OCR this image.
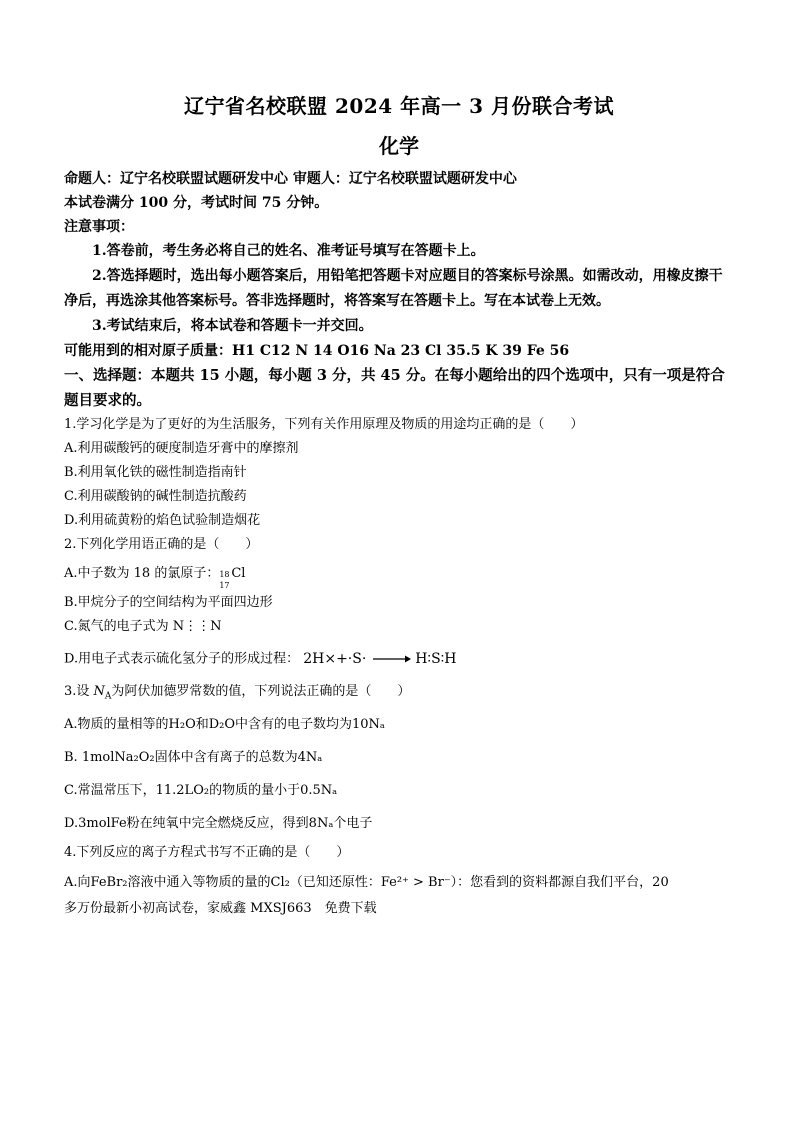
辽宁省名校联盟 2024 年高一 3 月份联合考试
化学

命题人：辽宁名校联盟试题研发中心 审题人：辽宁名校联盟试题研发中心

本试卷满分 100 分，考试时间 75 分钟。

注意事项：

1.答卷前，考生务必将自己的姓名、准考证号填写在答题卡上。

2.答选择题时，选出每小题答案后，用铅笔把答题卡对应题目的答案标号涂黑。如需改动，用橡皮擦干净后，再选涂其他答案标号。答非选择题时，将答案写在答题卡上。写在本试卷上无效。

3.考试结束后，将本试卷和答题卡一并交回。

可能用到的相对原子质量：H1 C12 N 14 O16 Na 23 Cl 35.5 K 39 Fe 56

一、选择题：本题共 15 小题，每小题 3 分，共 45 分。在每小题给出的四个选项中，只有一项是符合题目要求的。

1.学习化学是为了更好的为生活服务，下列有关作用原理及物质的用途均正确的是（　　）

A.利用碳酸钙的硬度制造牙膏中的摩擦剂

B.利用氧化铁的磁性制造指南针

C.利用碳酸钠的碱性制造抗酸药

D.利用硫黄粉的焰色试验制造烟花

2.下列化学用语正确的是（　　）

A.中子数为 18 的氯原子： 18
17
Cl

B.甲烷分子的空间结构为平面四边形

C.氮气的电子式为 N⋮⋮N

D.用电子式表示硫化氢分子的形成过程： 2H×+·S·	H∶S∶H

3.设 $N_A$为阿伏加德罗常数的值，下列说法正确的是（　　）

A.物质的量相等的H₂O和D₂O中含有的电子数均为10Nₐ

B. 1molNa₂O₂固体中含有离子的总数为4Nₐ

C.常温常压下，11.2LO₂的物质的量小于0.5Nₐ

D.3molFe粉在纯氧中完全燃烧反应，得到8Nₐ个电子

4.下列反应的离子方程式书写不正确的是（　　）

A.向FeBr₂溶液中通入等物质的量的Cl₂（已知还原性：Fe²⁺ > Br⁻）：您看到的资料都源自我们平台，20

多万份最新小初高试卷，家威鑫 MXSJ663　免费下载
